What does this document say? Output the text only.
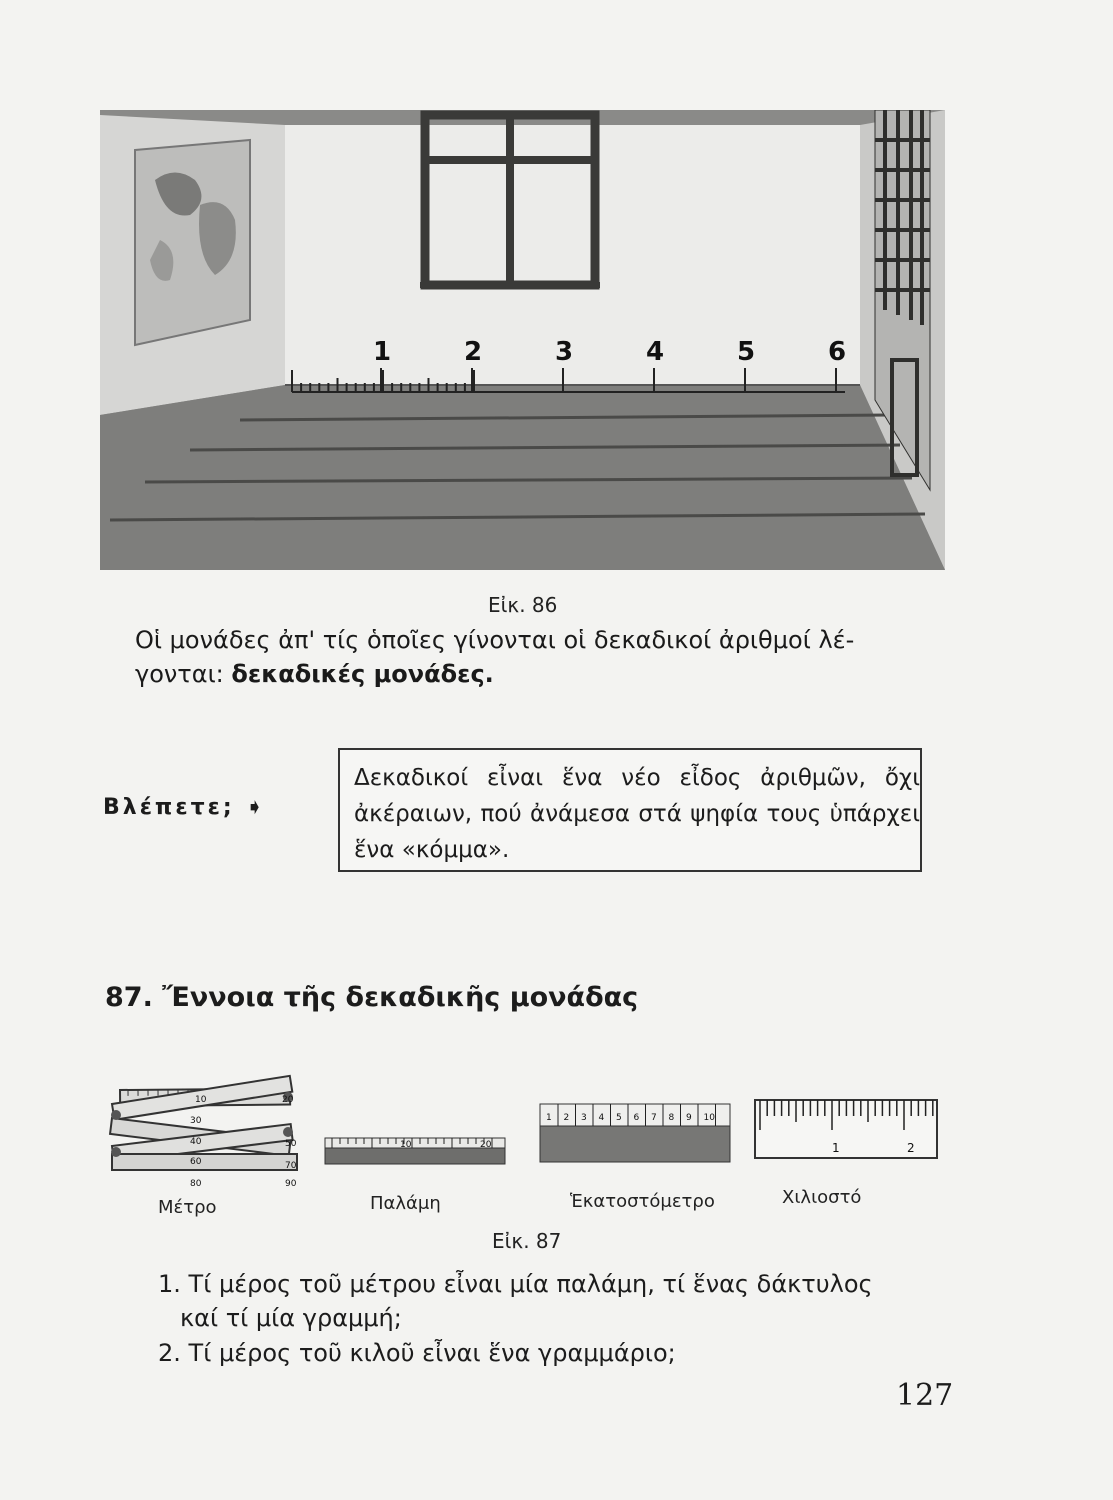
1	2	3	4	5	6
Εἰκ. 86
Οἱ μονάδες ἀπ' τίς ὁποῖες γίνονται οἱ δεκαδικοί ἀριθμοί λέ-
γονται: δεκαδικές μονάδες.
Βλέπετε; ➧
Δεκαδικοί εἶναι ἕνα νέο εἶδος ἀριθμῶν, ὄχι ἀκέραιων, πού ἀνάμεσα στά ψηφία τους ὑπάρχει ἕνα «κόμμα».
87. Ἔννοια τῆς δεκαδικῆς μονάδας
10	20
30
40	50
60	70
80	90
10	20
1 2 3 4 5 6 7 8 9 10
1	2
Μέτρο	Παλάμη	Ἑκατοστόμετρο	Χιλιοστό
Εἰκ. 87
1. Τί μέρος τοῦ μέτρου εἶναι μία παλάμη, τί ἕνας δάκτυλος
καί τί μία γραμμή;
2. Τί μέρος τοῦ κιλοῦ εἶναι ἕνα γραμμάριο;
127
